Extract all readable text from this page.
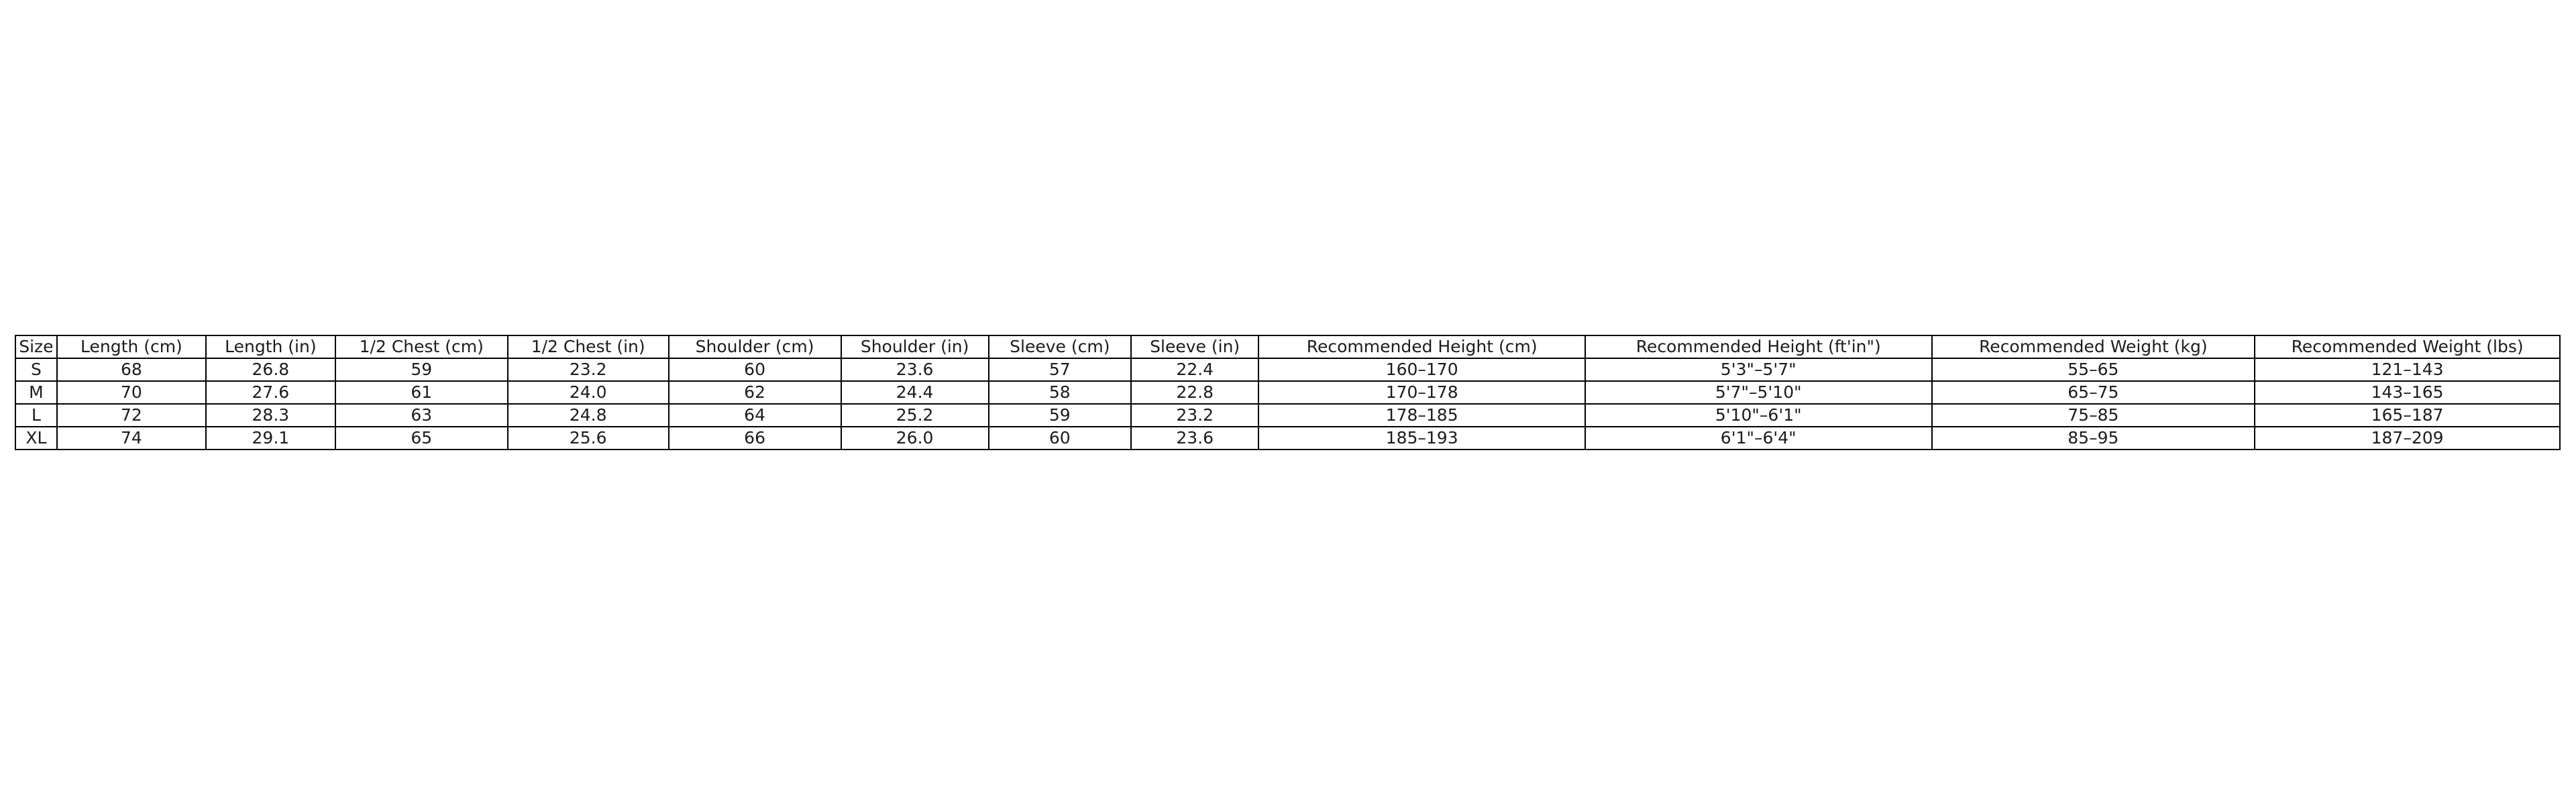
Size	Length (cm)	Length (in)	1/2 Chest (cm)	1/2 Chest (in)	Shoulder (cm)	Shoulder (in)	Sleeve (cm)	Sleeve (in)	Recommended Height (cm)	Recommended Height (ft'in")	Recommended Weight (kg)	Recommended Weight (lbs)
S	68	26.8	59	23.2	60	23.6	57	22.4	160–170	5'3"–5'7"	55–65	121–143
M	70	27.6	61	24.0	62	24.4	58	22.8	170–178	5'7"–5'10"	65–75	143–165
L	72	28.3	63	24.8	64	25.2	59	23.2	178–185	5'10"–6'1"	75–85	165–187
XL	74	29.1	65	25.6	66	26.0	60	23.6	185–193	6'1"–6'4"	85–95	187–209
